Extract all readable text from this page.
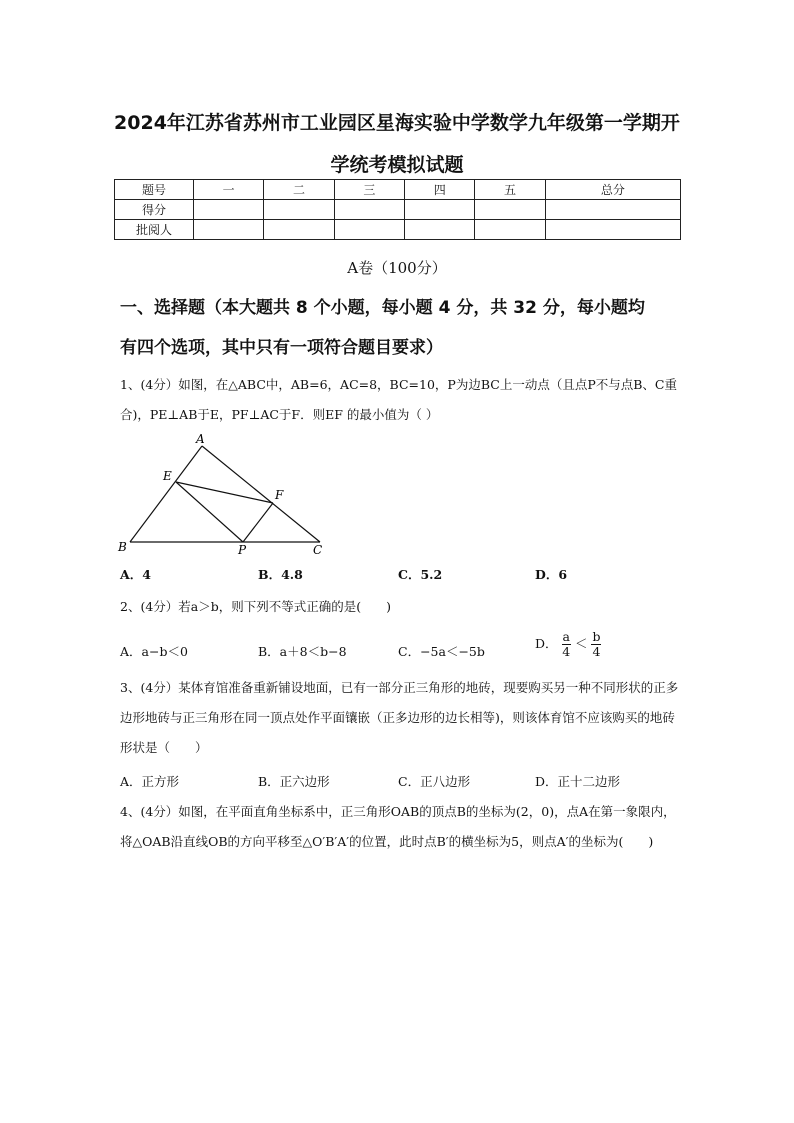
2024年江苏省苏州市工业园区星海实验中学数学九年级第一学期开
学统考模拟试题
题号	一	二	三	四	五	总分
得分						
批阅人						
A卷（100分）
一、选择题（本大题共 8 个小题，每小题 4 分，共 32 分，每小题均
有四个选项，其中只有一项符合题目要求）
1、(4分）如图，在△ABC中，AB=6，AC=8，BC=10，P为边BC上一动点（且点P不与点B、C重合)，PE⊥AB于E，PF⊥AC于F．则EF 的最小值为（ ）
A
B	C
E
F
P
A．4	B．4.8	C．5.2	D．6
2、(4分）若a＞b，则下列不等式正确的是(　　)
A．a−b＜0	B．a＋8＜b−8	C．−5a＜−5b
D． $\frac{a}{4} < \frac{b}{4}$
3、(4分）某体育馆准备重新铺设地面，已有一部分正三角形的地砖，现要购买另一种不同形状的正多边形地砖与正三角形在同一顶点处作平面镶嵌（正多边形的边长相等)，则该体育馆不应该购买的地砖形状是（　　）
A．正方形	B．正六边形	C．正八边形	D．正十二边形
4、(4分）如图，在平面直角坐标系中，正三角形OAB的顶点B的坐标为(2，0)，点A在第一象限内，将△OAB沿直线OB的方向平移至△O′B′A′的位置，此时点B′的横坐标为5，则点A′的坐标为(　　)
